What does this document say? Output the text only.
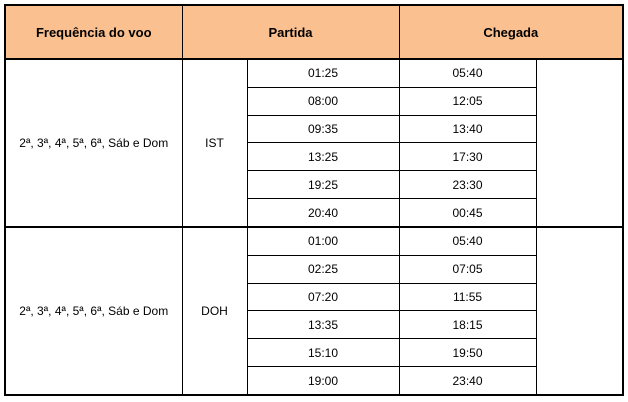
Frequência do voo	Partida		Chegada	
2ª, 3ª, 4ª, 5ª, 6ª, Sáb e Dom	IST	01:25	05:40	
		08:00	12:05	
		09:35	13:40	
		13:25	17:30	
		19:25	23:30	
		20:40	00:45	
2ª, 3ª, 4ª, 5ª, 6ª, Sáb e Dom	DOH	01:00	05:40	
		02:25	07:05	
		07:20	11:55	
		13:35	18:15	
		15:10	19:50	
		19:00	23:40	
